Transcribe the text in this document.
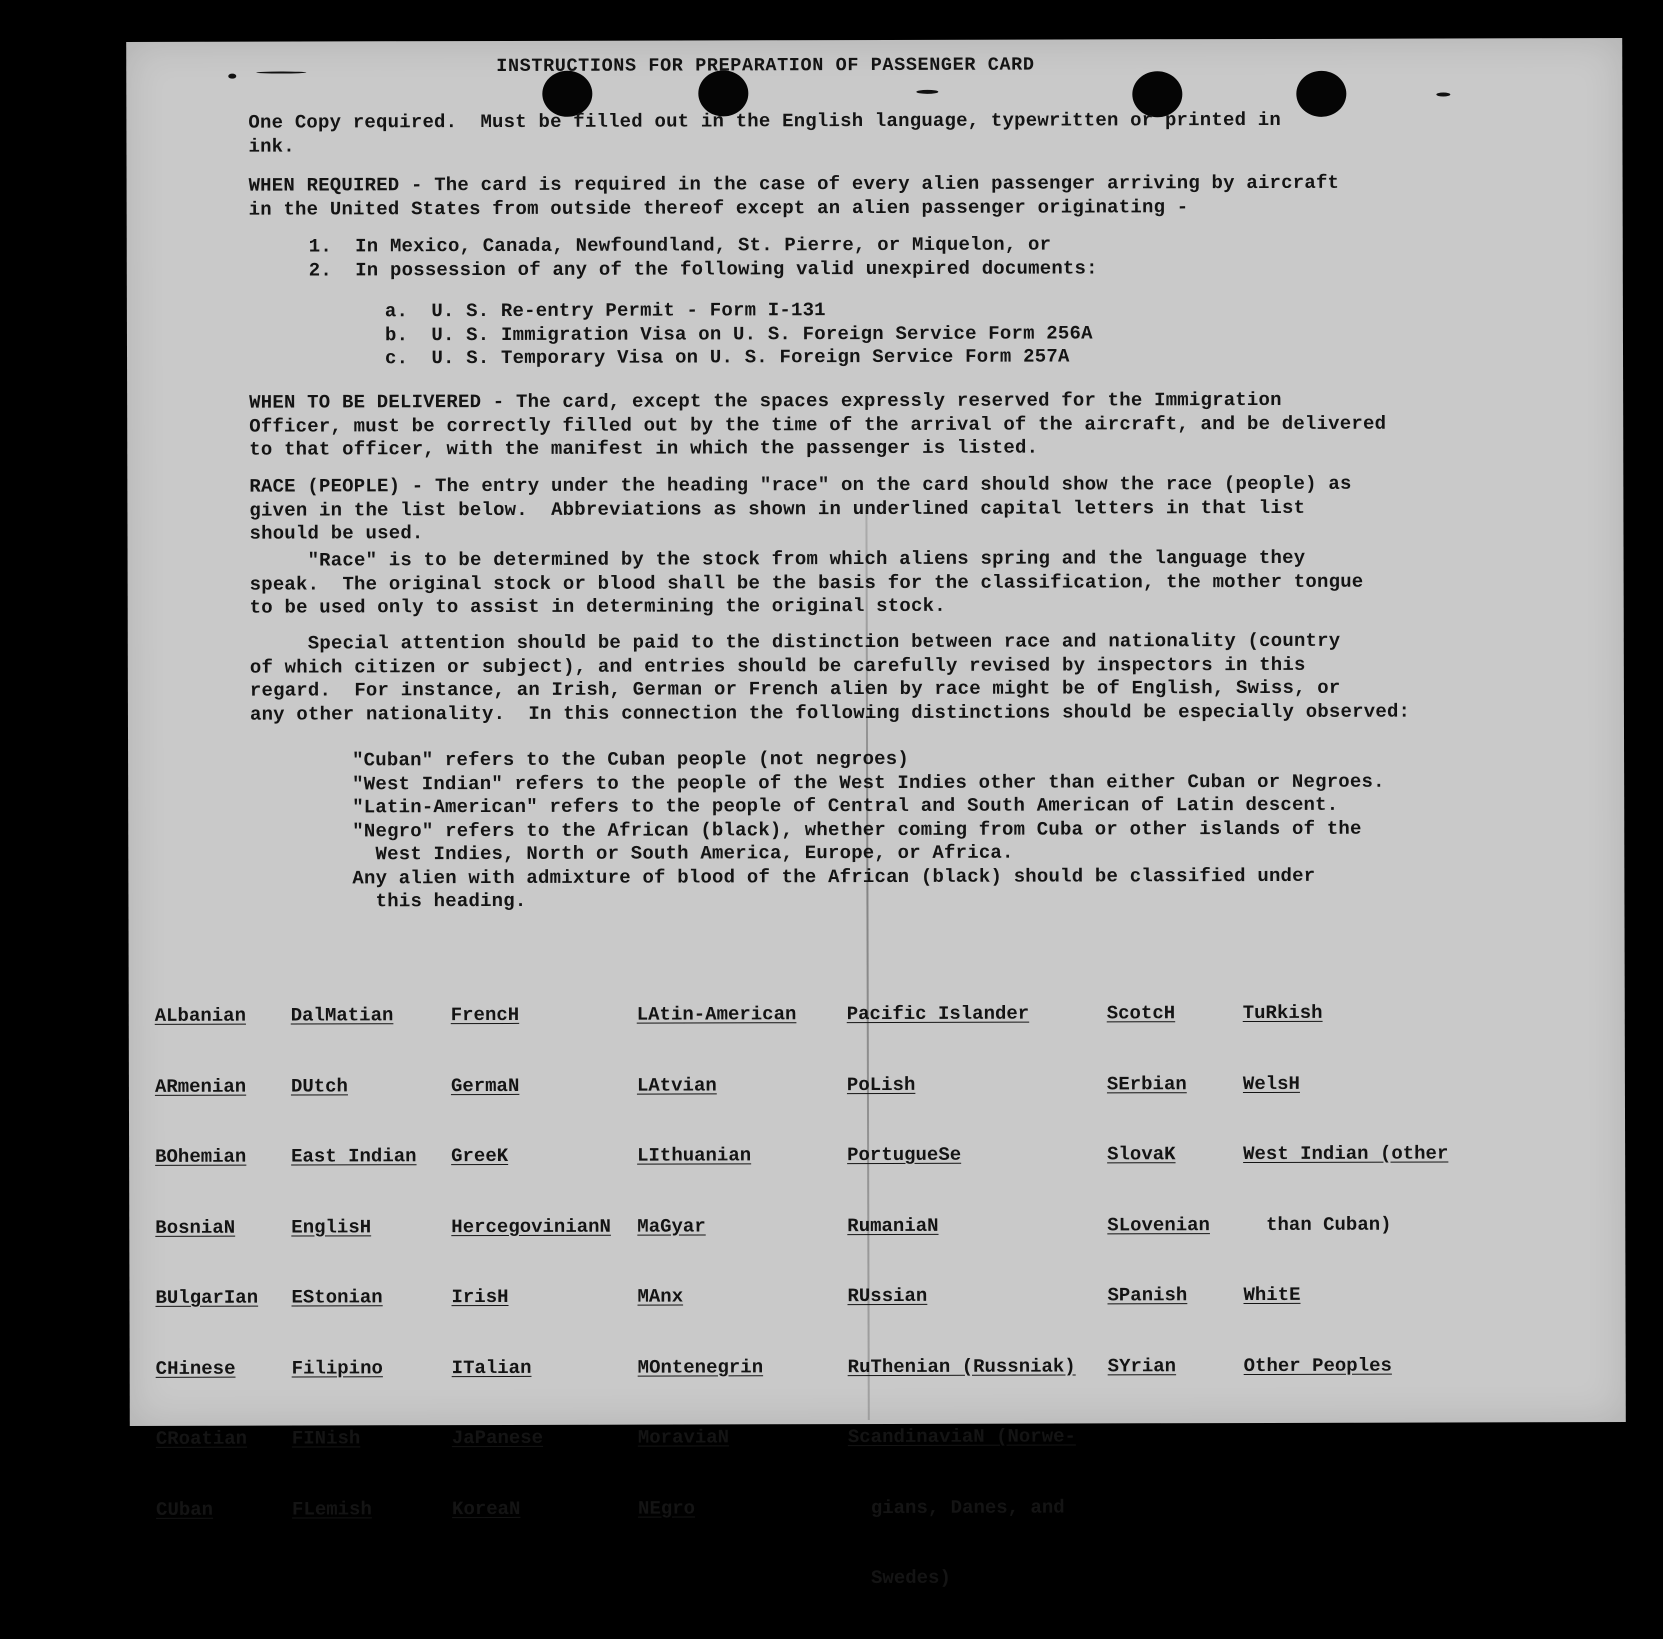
INSTRUCTIONS FOR PREPARATION OF PASSENGER CARD
One Copy required.  Must be filled out in the English language, typewritten or printed in
ink.
WHEN REQUIRED - The card is required in the case of every alien passenger arriving by aircraft
in the United States from outside thereof except an alien passenger originating -
1.  In Mexico, Canada, Newfoundland, St. Pierre, or Miquelon, or
2.  In possession of any of the following valid unexpired documents:
a.  U. S. Re-entry Permit - Form I-131
b.  U. S. Immigration Visa on U. S. Foreign Service Form 256A
c.  U. S. Temporary Visa on U. S. Foreign Service Form 257A
WHEN TO BE DELIVERED - The card, except the spaces expressly reserved for the Immigration
Officer, must be correctly filled out by the time of the arrival of the aircraft, and be delivered
to that officer, with the manifest in which the passenger is listed.
RACE (PEOPLE) - The entry under the heading "race" on the card should show the race (people) as
given in the list below.  Abbreviations as shown in underlined capital letters in that list
should be used.
"Race" is to be determined by the stock from which aliens spring and the language they
speak.  The original stock or blood shall be the basis for the classification, the mother tongue
to be used only to assist in determining the original stock.
Special attention should be paid to the distinction between race and nationality (country
of which citizen or subject), and entries should be carefully revised by inspectors in this
regard.  For instance, an Irish, German or French alien by race might be of English, Swiss, or
any other nationality.  In this connection the following distinctions should be especially observed:
"Cuban" refers to the Cuban people (not negroes)
"West Indian" refers to the people of the West Indies other than either Cuban or Negroes.
"Latin-American" refers to the people of Central and South American of Latin descent.
"Negro" refers to the African (black), whether coming from Cuba or other islands of the
West Indies, North or South America, Europe, or Africa.
Any alien with admixture of blood of the African (black) should be classified under
this heading.

ALbanian

ARmenian

BOhemian

BosniaN

BUlgarIan

CHinese

CRoatian

CUban

DalMatian

DUtch

East Indian

EnglisH

EStonian

Filipino

FINish

FLemish

FrencH

GermaN

GreeK

HercegovinianN

IrisH

ITalian

JaPanese

KoreaN

LAtin-American

LAtvian

LIthuanian

MaGyar

MAnx

MOntenegrin

MoraviaN

NEgro

Pacific Islander

PoLish

PortugueSe

RumaniaN

RUssian

RuThenian (Russniak)

ScandinaviaN (Norwe-

gians, Danes, and

Swedes)

ScotcH

SErbian

SlovaK

SLovenian

SPanish

SYrian

TuRkish

WelsH

West Indian (other

than Cuban)

WhitE

Other Peoples
